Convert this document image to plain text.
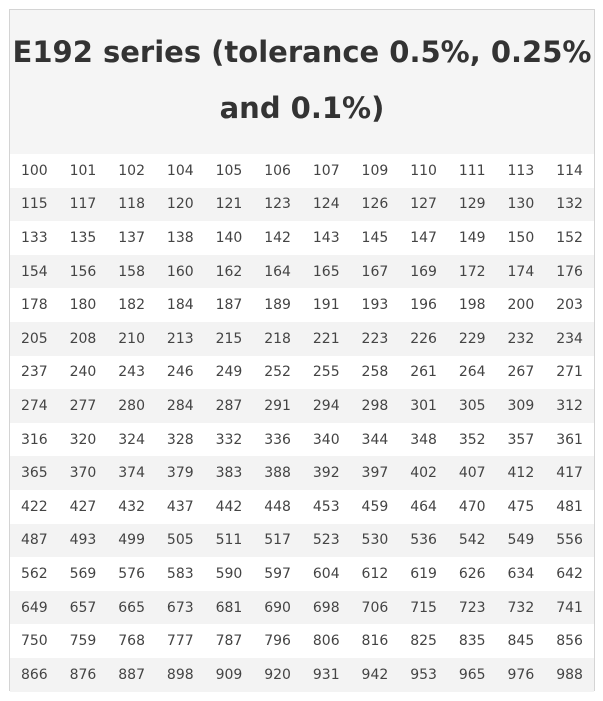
E192 series (tolerance 0.5%, 0.25% and 0.1%)
100	101	102	104	105	106	107	109	110	111	113	114
115	117	118	120	121	123	124	126	127	129	130	132
133	135	137	138	140	142	143	145	147	149	150	152
154	156	158	160	162	164	165	167	169	172	174	176
178	180	182	184	187	189	191	193	196	198	200	203
205	208	210	213	215	218	221	223	226	229	232	234
237	240	243	246	249	252	255	258	261	264	267	271
274	277	280	284	287	291	294	298	301	305	309	312
316	320	324	328	332	336	340	344	348	352	357	361
365	370	374	379	383	388	392	397	402	407	412	417
422	427	432	437	442	448	453	459	464	470	475	481
487	493	499	505	511	517	523	530	536	542	549	556
562	569	576	583	590	597	604	612	619	626	634	642
649	657	665	673	681	690	698	706	715	723	732	741
750	759	768	777	787	796	806	816	825	835	845	856
866	876	887	898	909	920	931	942	953	965	976	988
